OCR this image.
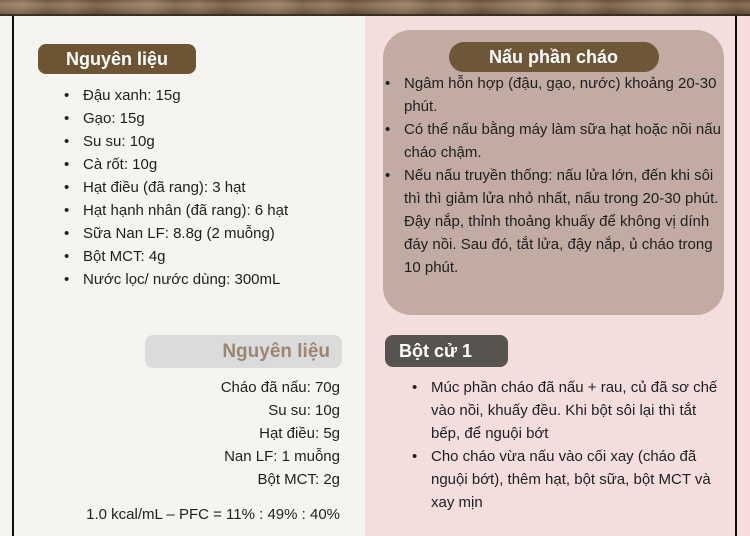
Nguyên liệu
• Đậu xanh: 15g
• Gạo: 15g
• Su su: 10g
• Cà rốt: 10g
• Hạt điều (đã rang): 3 hạt
• Hạt hạnh nhân (đã rang): 6 hạt
• Sữa Nan LF: 8.8g (2 muỗng)
• Bột MCT: 4g
• Nước lọc/ nước dùng: 300mL
Nguyên liệu
Cháo đã nấu: 70g
Su su: 10g
Hạt điều: 5g
Nan LF: 1 muỗng
Bột MCT: 2g
1.0 kcal/mL – PFC = 11% : 49% : 40%
Nấu phần cháo
• Ngâm hỗn hợp (đậu, gạo, nước) khoảng 20-30 phút.
• Có thể nấu bằng máy làm sữa hạt hoặc nồi nấu cháo chậm.
• Nếu nấu truyền thống: nấu lửa lớn, đến khi sôi thì thì giảm lửa nhỏ nhất, nấu trong 20-30 phút. Đậy nắp, thỉnh thoảng khuấy để không vị dính đáy nồi. Sau đó, tắt lửa, đậy nắp, ủ cháo trong 10 phút.
Bột cử 1
• Múc phần cháo đã nấu + rau, củ đã sơ chế vào nồi, khuấy đều. Khi bột sôi lại thì tắt bếp, để nguội bớt
• Cho cháo vừa nấu vào cối xay (cháo đã nguội bớt), thêm hạt, bột sữa, bột MCT và xay mịn
